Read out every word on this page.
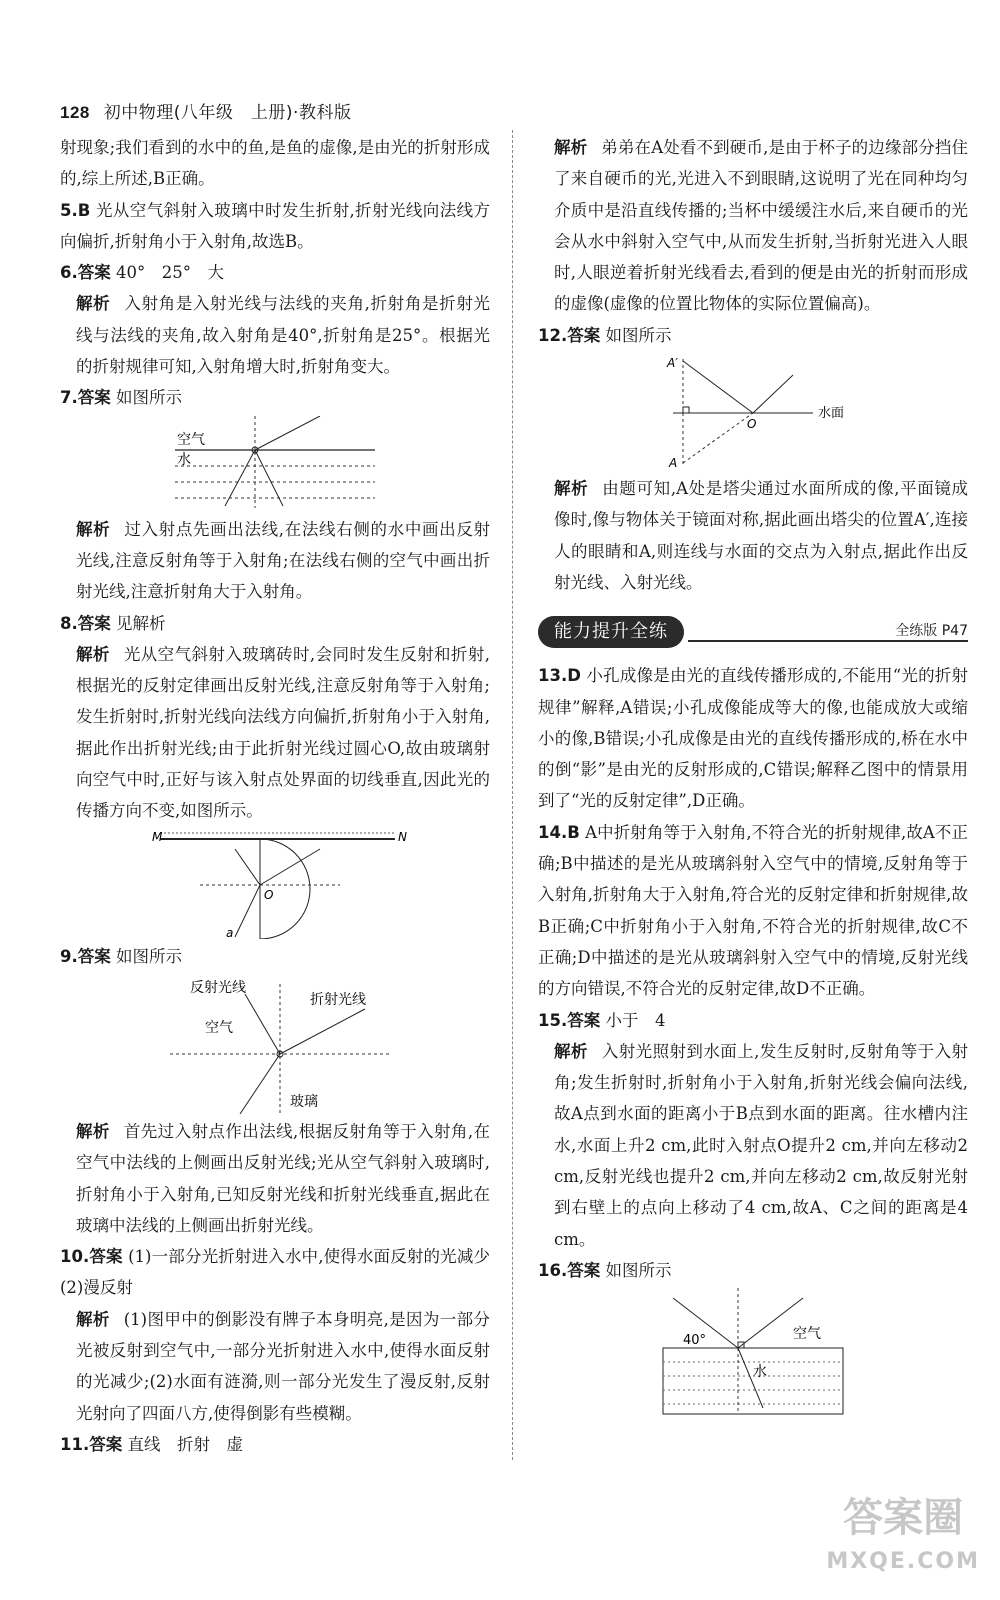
128 初中物理(八年级　上册)·教科版

射现象;我们看到的水中的鱼,是鱼的虚像,是由光的折射形成的,综上所述,B正确。

5.B 光从空气斜射入玻璃中时发生折射,折射光线向法线方向偏折,折射角小于入射角,故选B。

6.答案 40°　25°　大

解析 入射角是入射光线与法线的夹角,折射角是折射光线与法线的夹角,故入射角是40°,折射角是25°。根据光的折射规律可知,入射角增大时,折射角变大。

7.答案 如图所示

空气
水

解析 过入射点先画出法线,在法线右侧的水中画出反射光线,注意反射角等于入射角;在法线右侧的空气中画出折射光线,注意折射角大于入射角。

8.答案 见解析

解析 光从空气斜射入玻璃砖时,会同时发生反射和折射,根据光的反射定律画出反射光线,注意反射角等于入射角;发生折射时,折射光线向法线方向偏折,折射角小于入射角,据此作出折射光线;由于此折射光线过圆心O,故由玻璃射向空气中时,正好与该入射点处界面的切线垂直,因此光的传播方向不变,如图所示。

M	N
O
a

9.答案 如图所示

反射光线
折射光线
空气
玻璃

解析 首先过入射点作出法线,根据反射角等于入射角,在空气中法线的上侧画出反射光线;光从空气斜射入玻璃时,折射角小于入射角,已知反射光线和折射光线垂直,据此在玻璃中法线的上侧画出折射光线。

10.答案 (1)一部分光折射进入水中,使得水面反射的光减少　(2)漫反射

解析 (1)图甲中的倒影没有牌子本身明亮,是因为一部分光被反射到空气中,一部分光折射进入水中,使得水面反射的光减少;(2)水面有涟漪,则一部分光发生了漫反射,反射光射向了四面八方,使得倒影有些模糊。

11.答案 直线　折射　虚

解析 弟弟在A处看不到硬币,是由于杯子的边缘部分挡住了来自硬币的光,光进入不到眼睛,这说明了光在同种均匀介质中是沿直线传播的;当杯中缓缓注水后,来自硬币的光会从水中斜射入空气中,从而发生折射,当折射光进入人眼时,人眼逆着折射光线看去,看到的便是由光的折射而形成的虚像(虚像的位置比物体的实际位置偏高)。

12.答案 如图所示

A′
A
O
水面

解析 由题可知,A处是塔尖通过水面所成的像,平面镜成像时,像与物体关于镜面对称,据此画出塔尖的位置A′,连接人的眼睛和A,则连线与水面的交点为入射点,据此作出反射光线、入射光线。

能力提升全练	全练版 P47

13.D 小孔成像是由光的直线传播形成的,不能用“光的折射规律”解释,A错误;小孔成像能成等大的像,也能成放大或缩小的像,B错误;小孔成像是由光的直线传播形成的,桥在水中的倒“影”是由光的反射形成的,C错误;解释乙图中的情景用到了“光的反射定律”,D正确。

14.B A中折射角等于入射角,不符合光的折射规律,故A不正确;B中描述的是光从玻璃斜射入空气中的情境,反射角等于入射角,折射角大于入射角,符合光的反射定律和折射规律,故B正确;C中折射角小于入射角,不符合光的折射规律,故C不正确;D中描述的是光从玻璃斜射入空气中的情境,反射光线的方向错误,不符合光的反射定律,故D不正确。

15.答案 小于　4

解析 入射光照射到水面上,发生反射时,反射角等于入射角;发生折射时,折射角小于入射角,折射光线会偏向法线,故A点到水面的距离小于B点到水面的距离。往水槽内注水,水面上升2 cm,此时入射点O提升2 cm,并向左移动2 cm,反射光线也提升2 cm,并向左移动2 cm,故反射光射到右壁上的点向上移动了4 cm,故A、C之间的距离是4 cm。

16.答案 如图所示

40°	空气
水
答案圈
MXQE.COM
